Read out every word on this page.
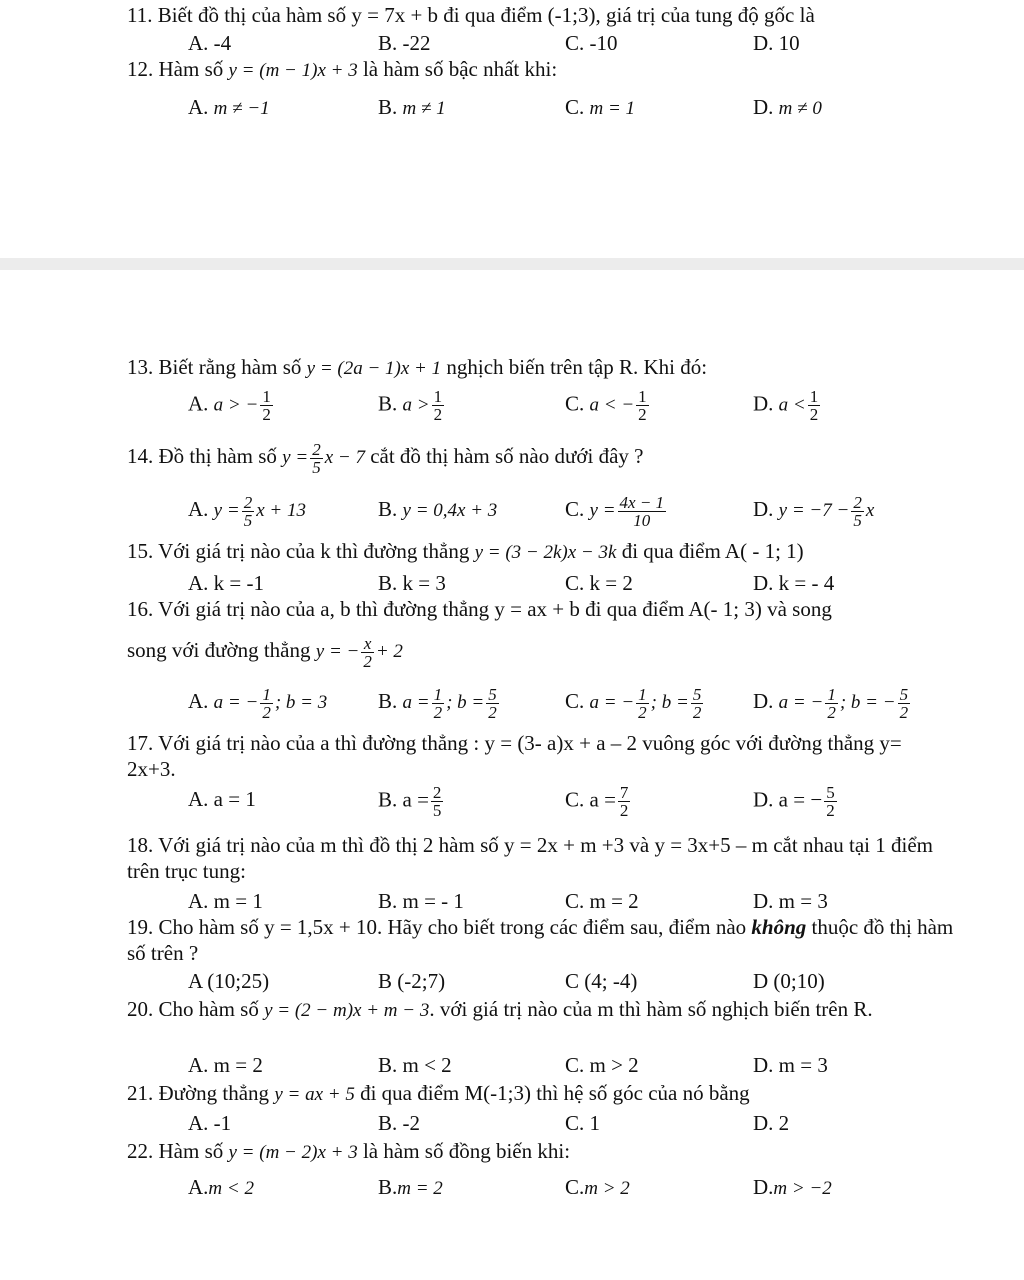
11. Biết đồ thị của hàm số y = 7x + b đi qua điểm (-1;3), giá trị của tung độ gốc là
A. -4	B. -22	C. -10	D. 10
12. Hàm số y = (m − 1)x + 3 là hàm số bậc nhất khi:
A. m ≠ −1	B. m ≠ 1	C. m = 1	D. m ≠ 0
13. Biết rằng hàm số y = (2a − 1)x + 1 nghịch biến trên tập R. Khi đó:
A. a > − $\frac{1}{2}$	B. $a > \frac{1}{2}$	C. a < − $\frac{1}{2}$	D. $a < \frac{1}{2}$
14. Đồ thị hàm số $y = \frac{2}{5}$ x − 7 cắt đồ thị hàm số nào dưới đây ?
A. $y = \frac{2}{5}$ x + 13	B. y = 0,4x + 3	C. $y = \frac{4x - 1}{10}$	D. $y = -7 - \frac{2}{5}$ x
15. Với giá trị nào của k thì đường thẳng y = (3 − 2k)x − 3k đi qua điểm A( - 1; 1)
A. k = -1	B. k = 3	C. k = 2	D. k = - 4
16. Với giá trị nào của a, b thì đường thẳng y = ax + b đi qua điểm A(- 1; 3) và song
song với đường thẳng y = − $\frac{x}{2} + 2$
A. a = − $\frac{1}{2}$ ; b = 3 B. $a = \frac{1}{2}$ ; $b = \frac{5}{2}$	C. a = − $\frac{1}{2}$ ; $b = \frac{5}{2} D$. a = − $\frac{1}{2}$ ; b = − $\frac{5}{2}$
17. Với giá trị nào của a thì đường thẳng : y = (3- a)x + a – 2 vuông góc với đường thẳng y= 2x+3.
A. a = 1	B. $a = \frac{2}{5}$	C. $a = \frac{7}{2}$	D. a = − $\frac{5}{2}$
18. Với giá trị nào của m thì đồ thị 2 hàm số y = 2x + m +3 và y = 3x+5 – m cắt nhau tại 1 điểm trên trục tung:
A. m = 1	B. m = - 1	C. m = 2	D. m = 3
19. Cho hàm số y = 1,5x + 10. Hãy cho biết trong các điểm sau, điểm nào không thuộc đồ thị hàm số trên ?
A (10;25)	B (-2;7)	C (4; -4)	D (0;10)
20. Cho hàm số y = (2 − m)x + m − 3. với giá trị nào của m thì hàm số nghịch biến trên R.
A. m = 2	B. m < 2	C. m > 2	D. m = 3
21. Đường thẳng y = ax + 5 đi qua điểm M(-1;3) thì hệ số góc của nó bằng
A. -1	B. -2	C. 1	D. 2
22. Hàm số y = (m − 2)x + 3 là hàm số đồng biến khi:
A.m < 2	B.m = 2	C.m > 2	D.m > −2
